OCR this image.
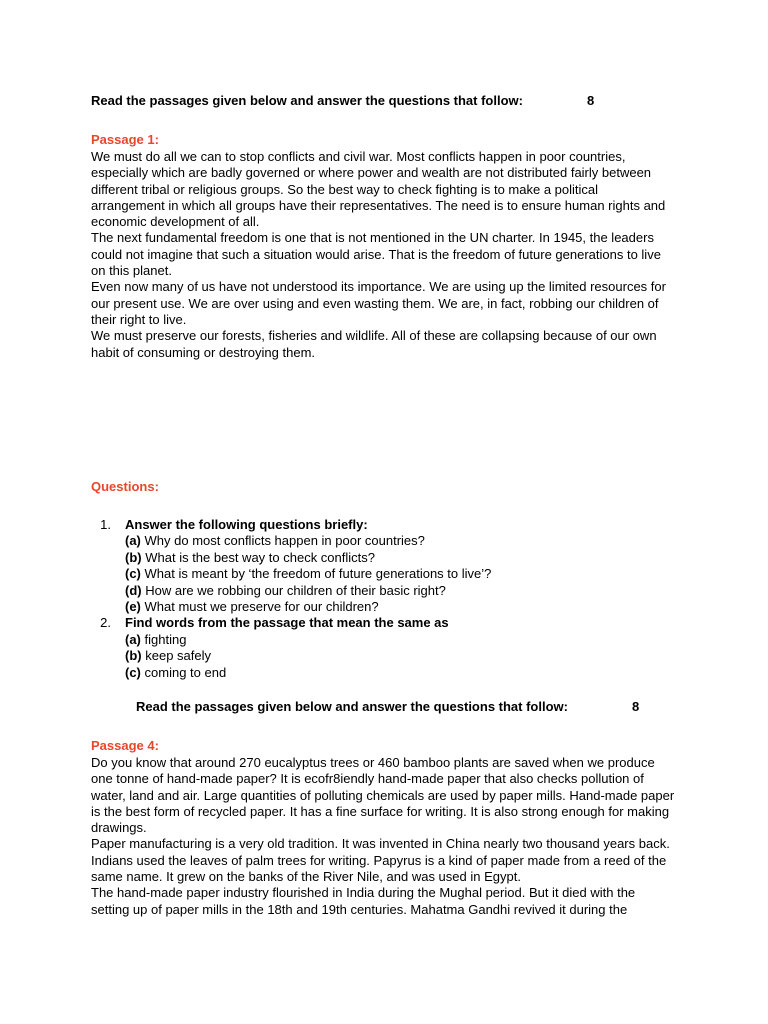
Read the passages given below and answer the questions that follow:	8
Passage 1:

We must do all we can to stop conflicts and civil war. Most conflicts happen in poor countries, especially which are badly governed or where power and wealth are not distributed fairly between different tribal or religious groups. So the best way to check fighting is to make a political arrangement in which all groups have their representatives. The need is to ensure human rights and economic development of all.

The next fundamental freedom is one that is not mentioned in the UN charter. In 1945, the leaders could not imagine that such a situation would arise. That is the freedom of future generations to live on this planet.

Even now many of us have not understood its importance. We are using up the limited resources for our present use. We are over using and even wasting them. We are, in fact, robbing our children of their right to live.

We must preserve our forests, fisheries and wildlife. All of these are collapsing because of our own habit of consuming or destroying them.

Questions:
1. Answer the following questions briefly:
(a) Why do most conflicts happen in poor countries?
(b) What is the best way to check conflicts?
(c) What is meant by ‘the freedom of future generations to live’?
(d) How are we robbing our children of their basic right?
(e) What must we preserve for our children?
2. Find words from the passage that mean the same as
(a) fighting
(b) keep safely
(c) coming to end
Read the passages given below and answer the questions that follow:	8
Passage 4:

Do you know that around 270 eucalyptus trees or 460 bamboo plants are saved when we produce one tonne of hand-made paper? It is ecofr8iendly hand-made paper that also checks pollution of water, land and air. Large quantities of polluting chemicals are used by paper mills. Hand-made paper is the best form of recycled paper. It has a fine surface for writing. It is also strong enough for making drawings.

Paper manufacturing is a very old tradition. It was invented in China nearly two thousand years back. Indians used the leaves of palm trees for writing. Papyrus is a kind of paper made from a reed of the same name. It grew on the banks of the River Nile, and was used in Egypt.

The hand-made paper industry flourished in India during the Mughal period. But it died with the setting up of paper mills in the 18th and 19th centuries. Mahatma Gandhi revived it during the
